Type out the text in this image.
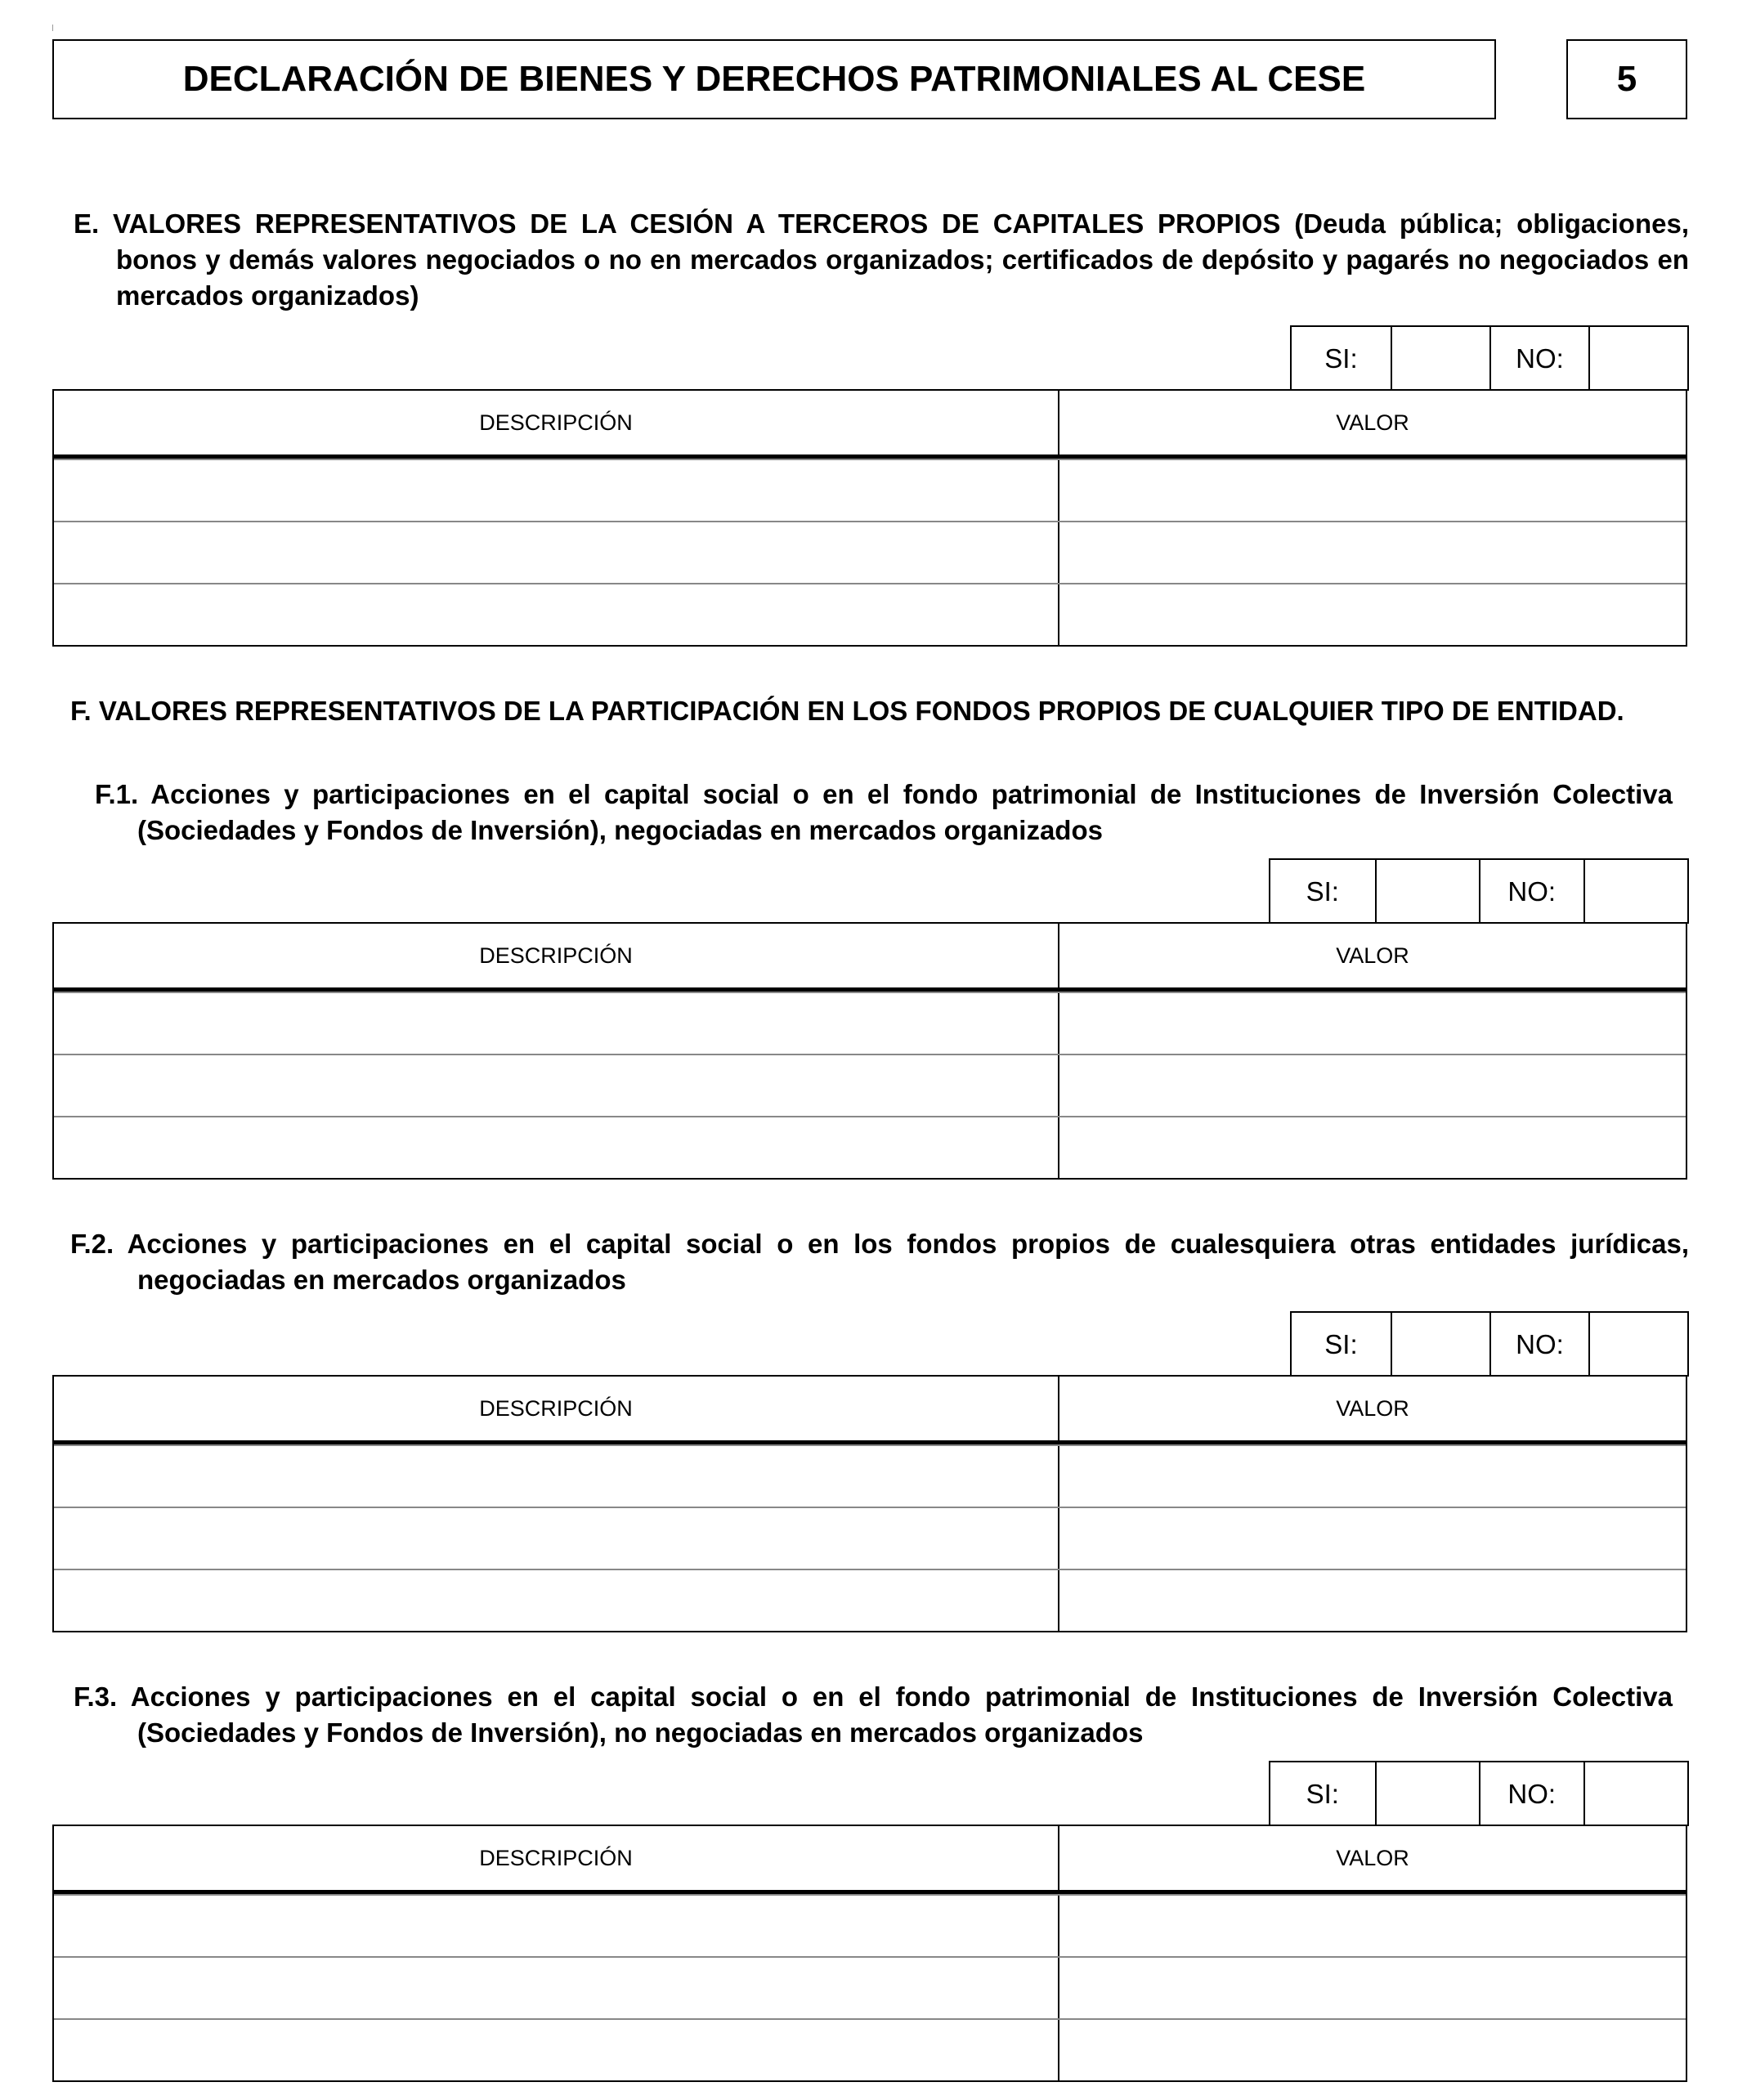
DECLARACIÓN DE BIENES Y DERECHOS PATRIMONIALES AL CESE	5
E. VALORES REPRESENTATIVOS DE LA CESIÓN A TERCEROS DE CAPITALES PROPIOS (Deuda pública; obligaciones, bonos y demás valores negociados o no en mercados organizados; certificados de depósito y pagarés no negociados en mercados organizados)
SI:	NO:
DESCRIPCIÓN	VALOR
F. VALORES REPRESENTATIVOS DE LA PARTICIPACIÓN EN LOS FONDOS PROPIOS DE CUALQUIER TIPO DE ENTIDAD.
F.1. Acciones y participaciones en el capital social o en el fondo patrimonial de Instituciones de Inversión Colectiva (Sociedades y Fondos de Inversión), negociadas en mercados organizados
SI:	NO:
DESCRIPCIÓN	VALOR
F.2. Acciones y participaciones en el capital social o en los fondos propios de cualesquiera otras entidades jurídicas, negociadas en mercados organizados
SI:	NO:
DESCRIPCIÓN	VALOR
F.3. Acciones y participaciones en el capital social o en el fondo patrimonial de Instituciones de Inversión Colectiva (Sociedades y Fondos de Inversión), no negociadas en mercados organizados
SI:	NO:
DESCRIPCIÓN	VALOR
